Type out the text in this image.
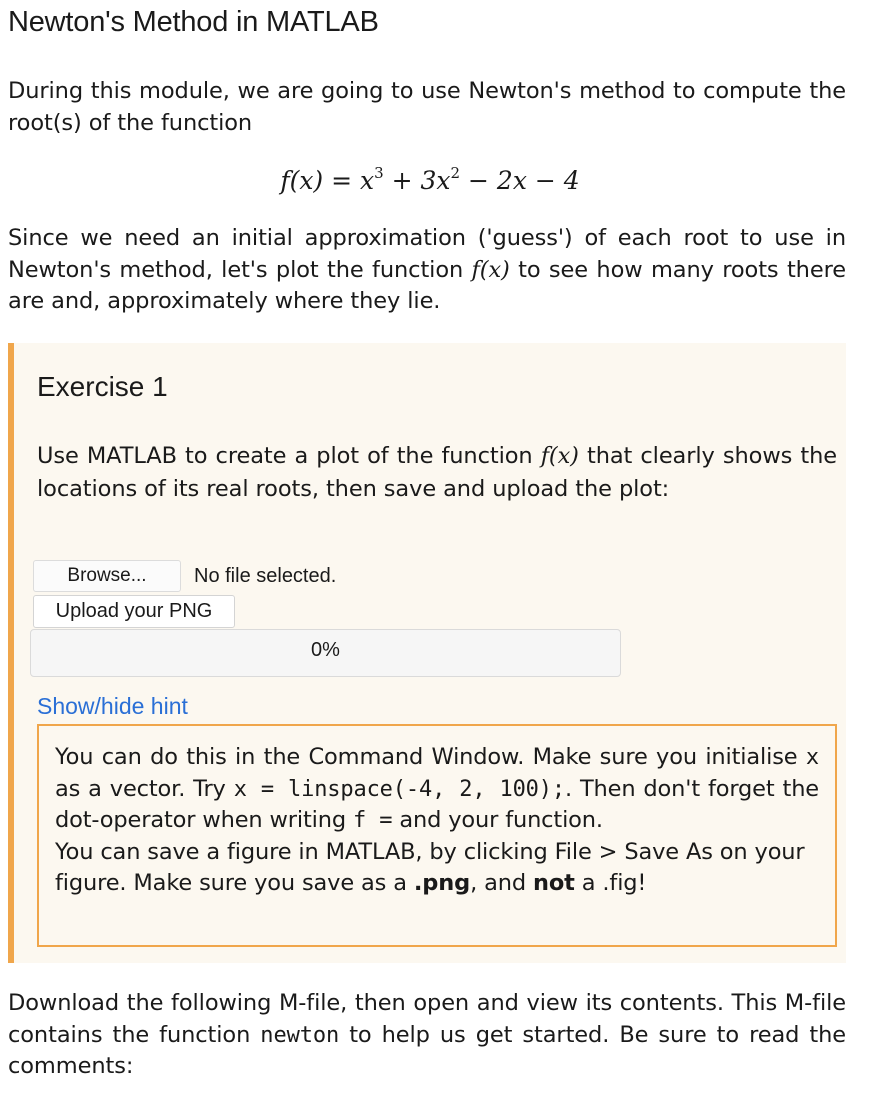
Newton's Method in MATLAB
During this module, we are going to use Newton's method to compute the root(s) of the function
$f(x) = x^3 + 3x^2 - 2x - 4$
Since we need an initial approximation ('guess') of each root to use in Newton's method, let's plot the function f(x) to see how many roots there are and, approximately where they lie.
Exercise 1
Use MATLAB to create a plot of the function f(x) that clearly shows the locations of its real roots, then save and upload the plot:
Browse...	No file selected.
Upload your PNG
0%
Show/hide hint

You can do this in the Command Window. Make sure you initialise x as a vector. Try x = linspace(-4, 2, 100);. Then don't forget the dot-operator when writing f = and your function.

You can save a figure in MATLAB, by clicking File > Save As on your figure. Make sure you save as a .png, and not a .fig!

Download the following M-file, then open and view its contents. This M-file contains the function newton to help us get started. Be sure to read the comments:
